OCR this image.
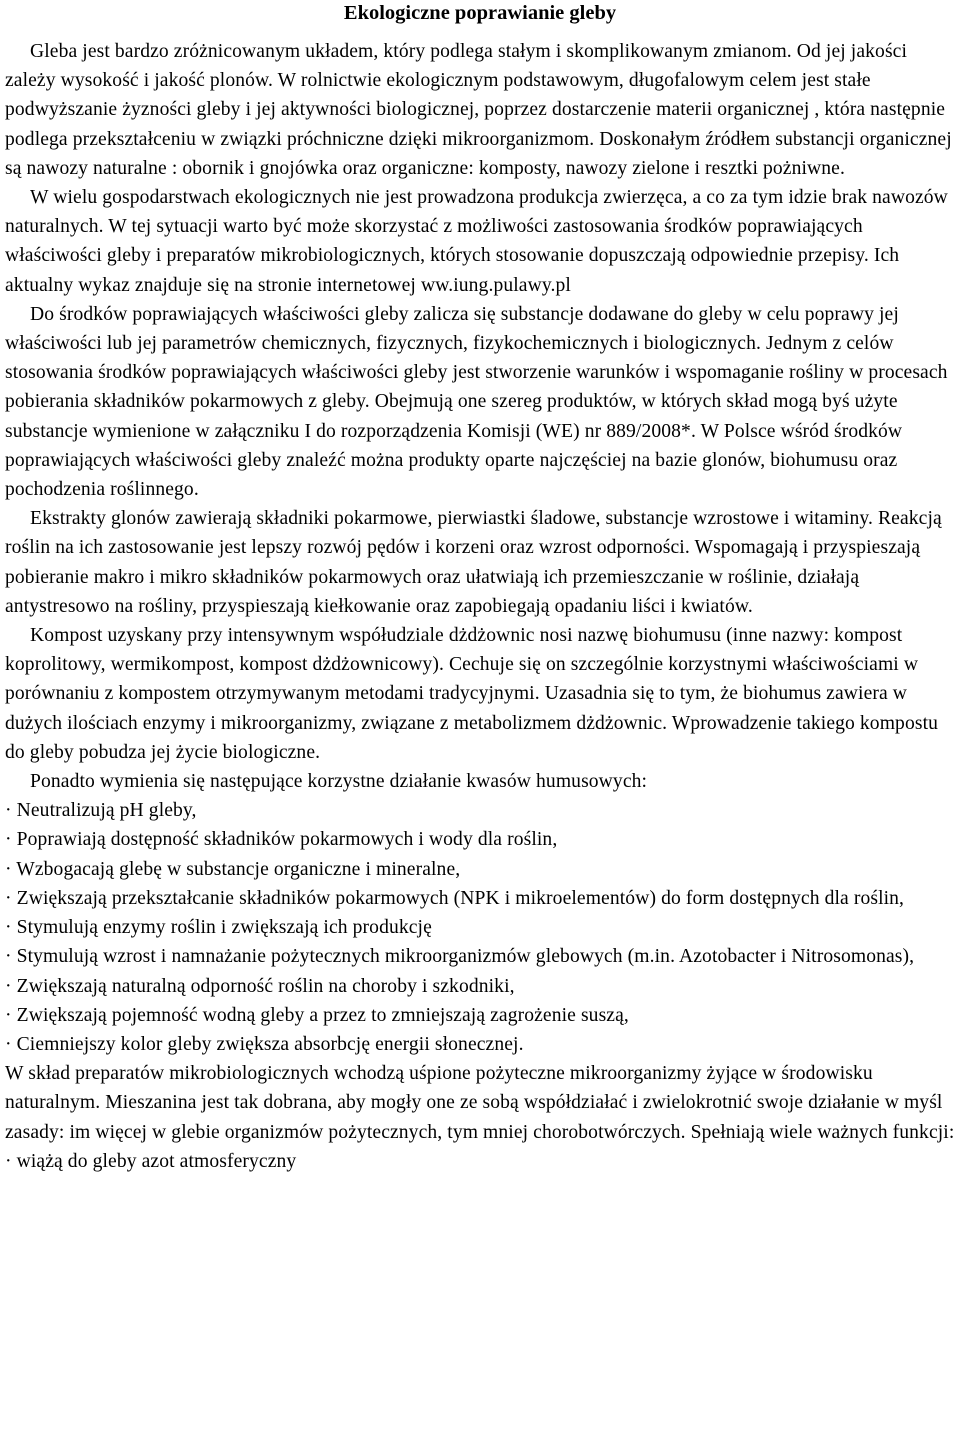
Ekologiczne poprawianie gleby

Gleba jest bardzo zróżnicowanym układem, który podlega stałym i skomplikowanym zmianom. Od jej jakości zależy wysokość i jakość plonów. W rolnictwie ekologicznym podstawowym, długofalowym celem jest stałe podwyższanie żyzności gleby i jej aktywności biologicznej, poprzez dostarczenie materii organicznej , która następnie podlega przekształceniu w związki próchniczne dzięki mikroorganizmom. Doskonałym źródłem substancji organicznej są nawozy naturalne : obornik i gnojówka oraz organiczne: komposty, nawozy zielone i resztki pożniwne.

W wielu gospodarstwach ekologicznych nie jest prowadzona produkcja zwierzęca, a co za tym idzie brak nawozów naturalnych. W tej sytuacji warto być może skorzystać z możliwości zastosowania środków poprawiających właściwości gleby i preparatów mikrobiologicznych, których stosowanie dopuszczają odpowiednie przepisy. Ich aktualny wykaz znajduje się na stronie internetowej ww.iung.pulawy.pl

Do środków poprawiających właściwości gleby zalicza się substancje dodawane do gleby w celu poprawy jej właściwości lub jej parametrów chemicznych, fizycznych, fizykochemicznych i biologicznych. Jednym z celów stosowania środków poprawiających właściwości gleby jest stworzenie warunków i wspomaganie rośliny w procesach pobierania składników pokarmowych z gleby. Obejmują one szereg produktów, w których skład mogą byś użyte substancje wymienione w załączniku I do rozporządzenia Komisji (WE) nr 889/2008*. W Polsce wśród środków poprawiających właściwości gleby znaleźć można produkty oparte najczęściej na bazie glonów, biohumusu oraz pochodzenia roślinnego.

Ekstrakty glonów zawierają składniki pokarmowe, pierwiastki śladowe, substancje wzrostowe i witaminy. Reakcją roślin na ich zastosowanie jest lepszy rozwój pędów i korzeni oraz wzrost odporności. Wspomagają i przyspieszają pobieranie makro i mikro składników pokarmowych oraz ułatwiają ich przemieszczanie w roślinie, działają antystresowo na rośliny, przyspieszają kiełkowanie oraz zapobiegają opadaniu liści i kwiatów.

Kompost uzyskany przy intensywnym współudziale dżdżownic nosi nazwę biohumusu (inne nazwy: kompost koprolitowy, wermikompost, kompost dżdżownicowy). Cechuje się on szczególnie korzystnymi właściwościami w porównaniu z kompostem otrzymywanym metodami tradycyjnymi. Uzasadnia się to tym, że biohumus zawiera w dużych ilościach enzymy i mikroorganizmy, związane z metabolizmem dżdżownic. Wprowadzenie takiego kompostu do gleby pobudza jej życie biologiczne.

Ponadto wymienia się następujące korzystne działanie kwasów humusowych:

· Neutralizują pH gleby,

· Poprawiają dostępność składników pokarmowych i wody dla roślin,

· Wzbogacają glebę w substancje organiczne i mineralne,

· Zwiększają przekształcanie składników pokarmowych (NPK i mikroelementów) do form dostępnych dla roślin,

· Stymulują enzymy roślin i zwiększają ich produkcję

· Stymulują wzrost i namnażanie pożytecznych mikroorganizmów glebowych (m.in. Azotobacter i Nitrosomonas),

· Zwiększają naturalną odporność roślin na choroby i szkodniki,

· Zwiększają pojemność wodną gleby a przez to zmniejszają zagrożenie suszą,

· Ciemniejszy kolor gleby zwiększa absorbcję energii słonecznej.

W skład preparatów mikrobiologicznych wchodzą uśpione pożyteczne mikroorganizmy żyjące w środowisku naturalnym. Mieszanina jest tak dobrana, aby mogły one ze sobą współdziałać i zwielokrotnić swoje działanie w myśl zasady: im więcej w glebie organizmów pożytecznych, tym mniej chorobotwórczych. Spełniają wiele ważnych funkcji:

· wiążą do gleby azot atmosferyczny
